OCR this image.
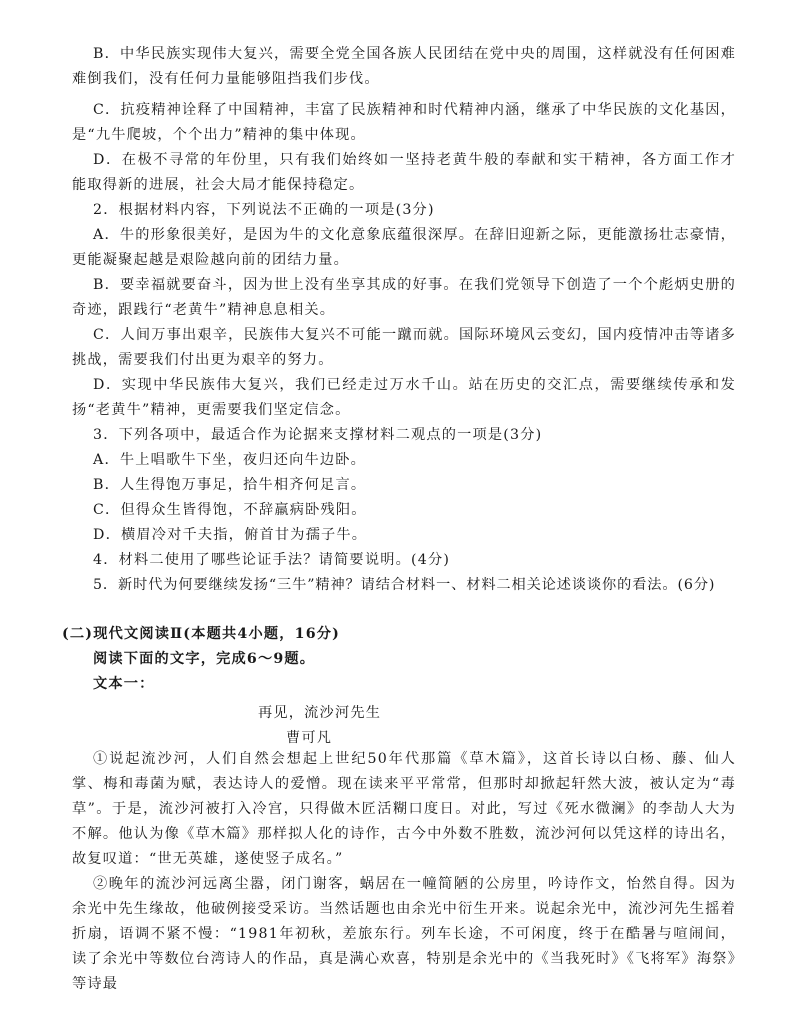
B．中华民族实现伟大复兴，需要全党全国各族人民团结在党中央的周围，这样就没有任何困难难倒我们，没有任何力量能够阻挡我们步伐。

C．抗疫精神诠释了中国精神，丰富了民族精神和时代精神内涵，继承了中华民族的文化基因，是“九牛爬坡，个个出力”精神的集中体现。

D．在极不寻常的年份里，只有我们始终如一坚持老黄牛般的奉献和实干精神，各方面工作才能取得新的进展，社会大局才能保持稳定。

2．根据材料内容，下列说法不正确的一项是(3分)

A．牛的形象很美好，是因为牛的文化意象底蕴很深厚。在辞旧迎新之际，更能激扬壮志豪情，更能凝聚起越是艰险越向前的团结力量。

B．要幸福就要奋斗，因为世上没有坐享其成的好事。在我们党领导下创造了一个个彪炳史册的奇迹，跟践行“老黄牛”精神息息相关。

C．人间万事出艰辛，民族伟大复兴不可能一蹴而就。国际环境风云变幻，国内疫情冲击等诸多挑战，需要我们付出更为艰辛的努力。

D．实现中华民族伟大复兴，我们已经走过万水千山。站在历史的交汇点，需要继续传承和发扬“老黄牛”精神，更需要我们坚定信念。

3．下列各项中，最适合作为论据来支撑材料二观点的一项是(3分)

A．牛上唱歌牛下坐，夜归还向牛边卧。

B．人生得饱万事足，拾牛相齐何足言。

C．但得众生皆得饱，不辞羸病卧残阳。

D．横眉冷对千夫指，俯首甘为孺子牛。

4．材料二使用了哪些论证手法？请简要说明。(4分)

5．新时代为何要继续发扬“三牛”精神？请结合材料一、材料二相关论述谈谈你的看法。(6分)

(二)现代文阅读Ⅱ(本题共4小题，16分)

阅读下面的文字，完成6～9题。

文本一：

再见，流沙河先生

曹可凡

①说起流沙河，人们自然会想起上世纪50年代那篇《草木篇》，这首长诗以白杨、藤、仙人掌、梅和毒菌为赋，表达诗人的爱憎。现在读来平平常常，但那时却掀起轩然大波，被认定为“毒草”。于是，流沙河被打入冷宫，只得做木匠活糊口度日。对此，写过《死水微澜》的李劼人大为不解。他认为像《草木篇》那样拟人化的诗作，古今中外数不胜数，流沙河何以凭这样的诗出名，故复叹道：“世无英雄，遂使竖子成名。”

②晚年的流沙河远离尘嚣，闭门谢客，蜗居在一幢简陋的公房里，吟诗作文，怡然自得。因为余光中先生缘故，他破例接受采访。当然话题也由余光中衍生开来。说起余光中，流沙河先生摇着折扇，语调不紧不慢：“1981年初秋，差旅东行。列车长途，不可闲度，终于在酷暑与喧闹间，读了余光中等数位台湾诗人的作品，真是满心欢喜，特别是余光中的《当我死时》《飞将军》海祭》等诗最
